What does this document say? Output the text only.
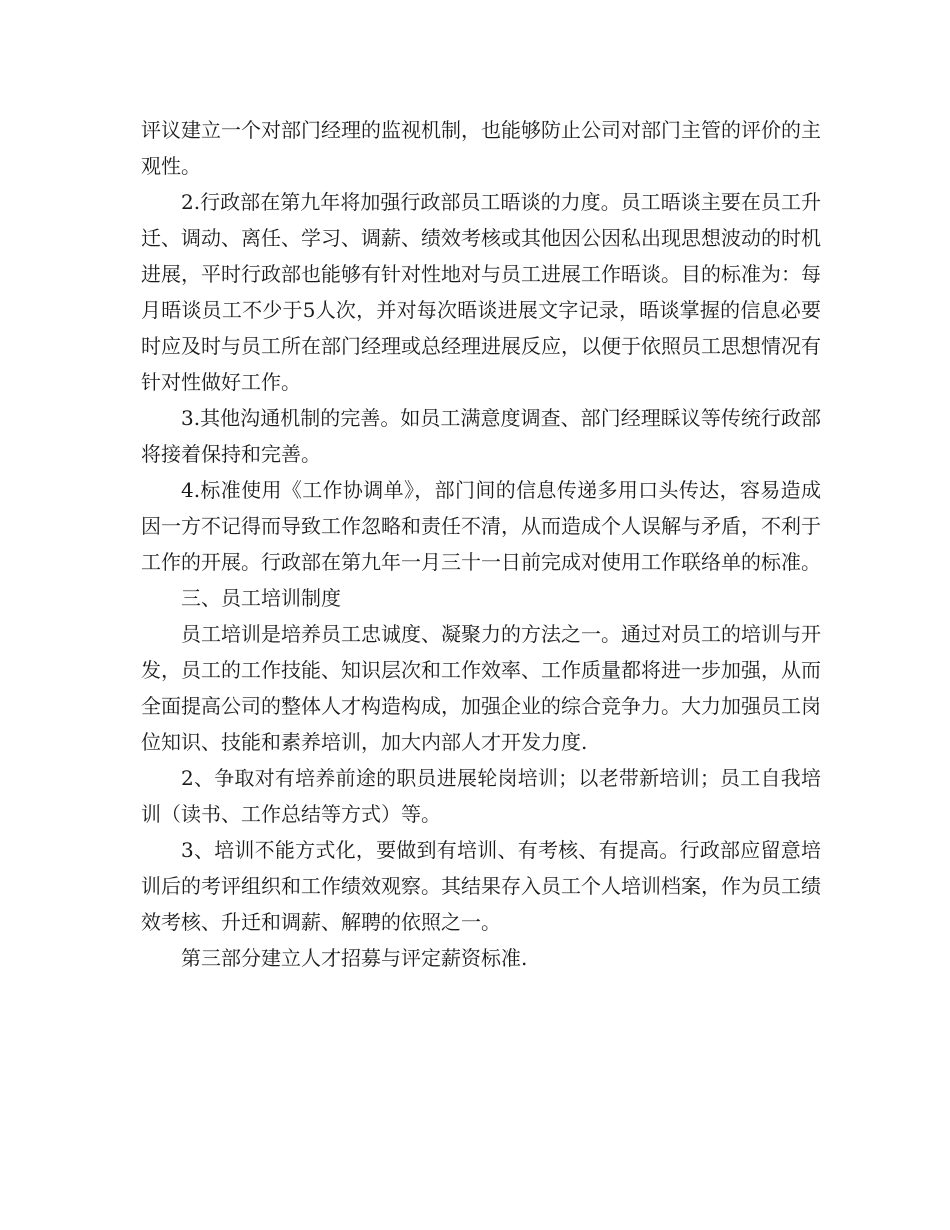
评议建立一个对部门经理的监视机制，也能够防止公司对部门主管的评价的主观性。

2.行政部在第九年将加强行政部员工晤谈的力度。员工晤谈主要在员工升迁、调动、离任、学习、调薪、绩效考核或其他因公因私出现思想波动的时机进展，平时行政部也能够有针对性地对与员工进展工作晤谈。目的标准为：每月晤谈员工不少于5人次，并对每次晤谈进展文字记录，晤谈掌握的信息必要时应及时与员工所在部门经理或总经理进展反应，以便于依照员工思想情况有针对性做好工作。

3.其他沟通机制的完善。如员工满意度调查、部门经理睬议等传统行政部将接着保持和完善。

4.标准使用《工作协调单》，部门间的信息传递多用口头传达，容易造成因一方不记得而导致工作忽略和责任不清，从而造成个人误解与矛盾，不利于工作的开展。行政部在第九年一月三十一日前完成对使用工作联络单的标准。

三、员工培训制度

员工培训是培养员工忠诚度、凝聚力的方法之一。通过对员工的培训与开发，员工的工作技能、知识层次和工作效率、工作质量都将进一步加强，从而全面提高公司的整体人才构造构成，加强企业的综合竞争力。大力加强员工岗位知识、技能和素养培训，加大内部人才开发力度.

2、争取对有培养前途的职员进展轮岗培训；以老带新培训；员工自我培训（读书、工作总结等方式）等。

3、培训不能方式化，要做到有培训、有考核、有提高。行政部应留意培训后的考评组织和工作绩效观察。其结果存入员工个人培训档案，作为员工绩效考核、升迁和调薪、解聘的依照之一。

第三部分建立人才招募与评定薪资标准.
